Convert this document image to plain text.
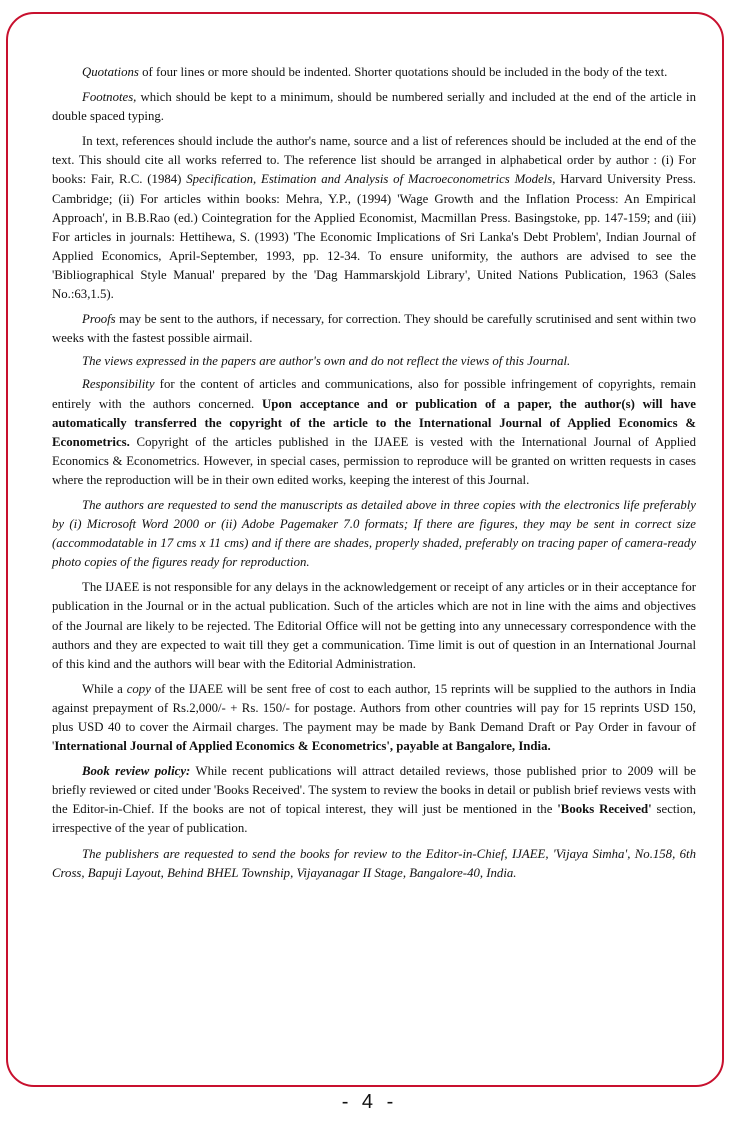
Quotations of four lines or more should be indented. Shorter quotations should be included in the body of the text.

Footnotes, which should be kept to a minimum, should be numbered serially and included at the end of the article in double spaced typing.

In text, references should include the author's name, source and a list of references should be included at the end of the text. This should cite all works referred to. The reference list should be arranged in alphabetical order by author : (i) For books: Fair, R.C. (1984) Specification, Estimation and Analysis of Macroeconometrics Models, Harvard University Press. Cambridge; (ii) For articles within books: Mehra, Y.P., (1994) 'Wage Growth and the Inflation Process: An Empirical Approach', in B.B.Rao (ed.) Cointegration for the Applied Economist, Macmillan Press. Basingstoke, pp. 147-159; and (iii) For articles in journals: Hettihewa, S. (1993) 'The Economic Implications of Sri Lanka's Debt Problem', Indian Journal of Applied Economics, April-September, 1993, pp. 12-34. To ensure uniformity, the authors are advised to see the 'Bibliographical Style Manual' prepared by the 'Dag Hammarskjold Library', United Nations Publication, 1963 (Sales No.:63,1.5).

Proofs may be sent to the authors, if necessary, for correction. They should be carefully scrutinised and sent within two weeks with the fastest possible airmail.

The views expressed in the papers are author's own and do not reflect the views of this Journal.

Responsibility for the content of articles and communications, also for possible infringement of copyrights, remain entirely with the authors concerned. Upon acceptance and or publication of a paper, the author(s) will have automatically transferred the copyright of the article to the International Journal of Applied Economics & Econometrics. Copyright of the articles published in the IJAEE is vested with the International Journal of Applied Economics & Econometrics. However, in special cases, permission to reproduce will be granted on written requests in cases where the reproduction will be in their own edited works, keeping the interest of this Journal.

The authors are requested to send the manuscripts as detailed above in three copies with the electronics life preferably by (i) Microsoft Word 2000 or (ii) Adobe Pagemaker 7.0 formats; If there are figures, they may be sent in correct size (accommodatable in 17 cms x 11 cms) and if there are shades, properly shaded, preferably on tracing paper of camera-ready photo copies of the figures ready for reproduction.

The IJAEE is not responsible for any delays in the acknowledgement or receipt of any articles or in their acceptance for publication in the Journal or in the actual publication. Such of the articles which are not in line with the aims and objectives of the Journal are likely to be rejected. The Editorial Office will not be getting into any unnecessary correspondence with the authors and they are expected to wait till they get a communication. Time limit is out of question in an International Journal of this kind and the authors will bear with the Editorial Administration.

While a copy of the IJAEE will be sent free of cost to each author, 15 reprints will be supplied to the authors in India against prepayment of Rs.2,000/- + Rs. 150/- for postage. Authors from other countries will pay for 15 reprints USD 150, plus USD 40 to cover the Airmail charges. The payment may be made by Bank Demand Draft or Pay Order in favour of 'International Journal of Applied Economics & Econometrics', payable at Bangalore, India.

Book review policy: While recent publications will attract detailed reviews, those published prior to 2009 will be briefly reviewed or cited under 'Books Received'. The system to review the books in detail or publish brief reviews vests with the Editor-in-Chief. If the books are not of topical interest, they will just be mentioned in the 'Books Received' section, irrespective of the year of publication.

The publishers are requested to send the books for review to the Editor-in-Chief, IJAEE, 'Vijaya Simha', No.158, 6th Cross, Bapuji Layout, Behind BHEL Township, Vijayanagar II Stage, Bangalore-40, India.

- 4 -
